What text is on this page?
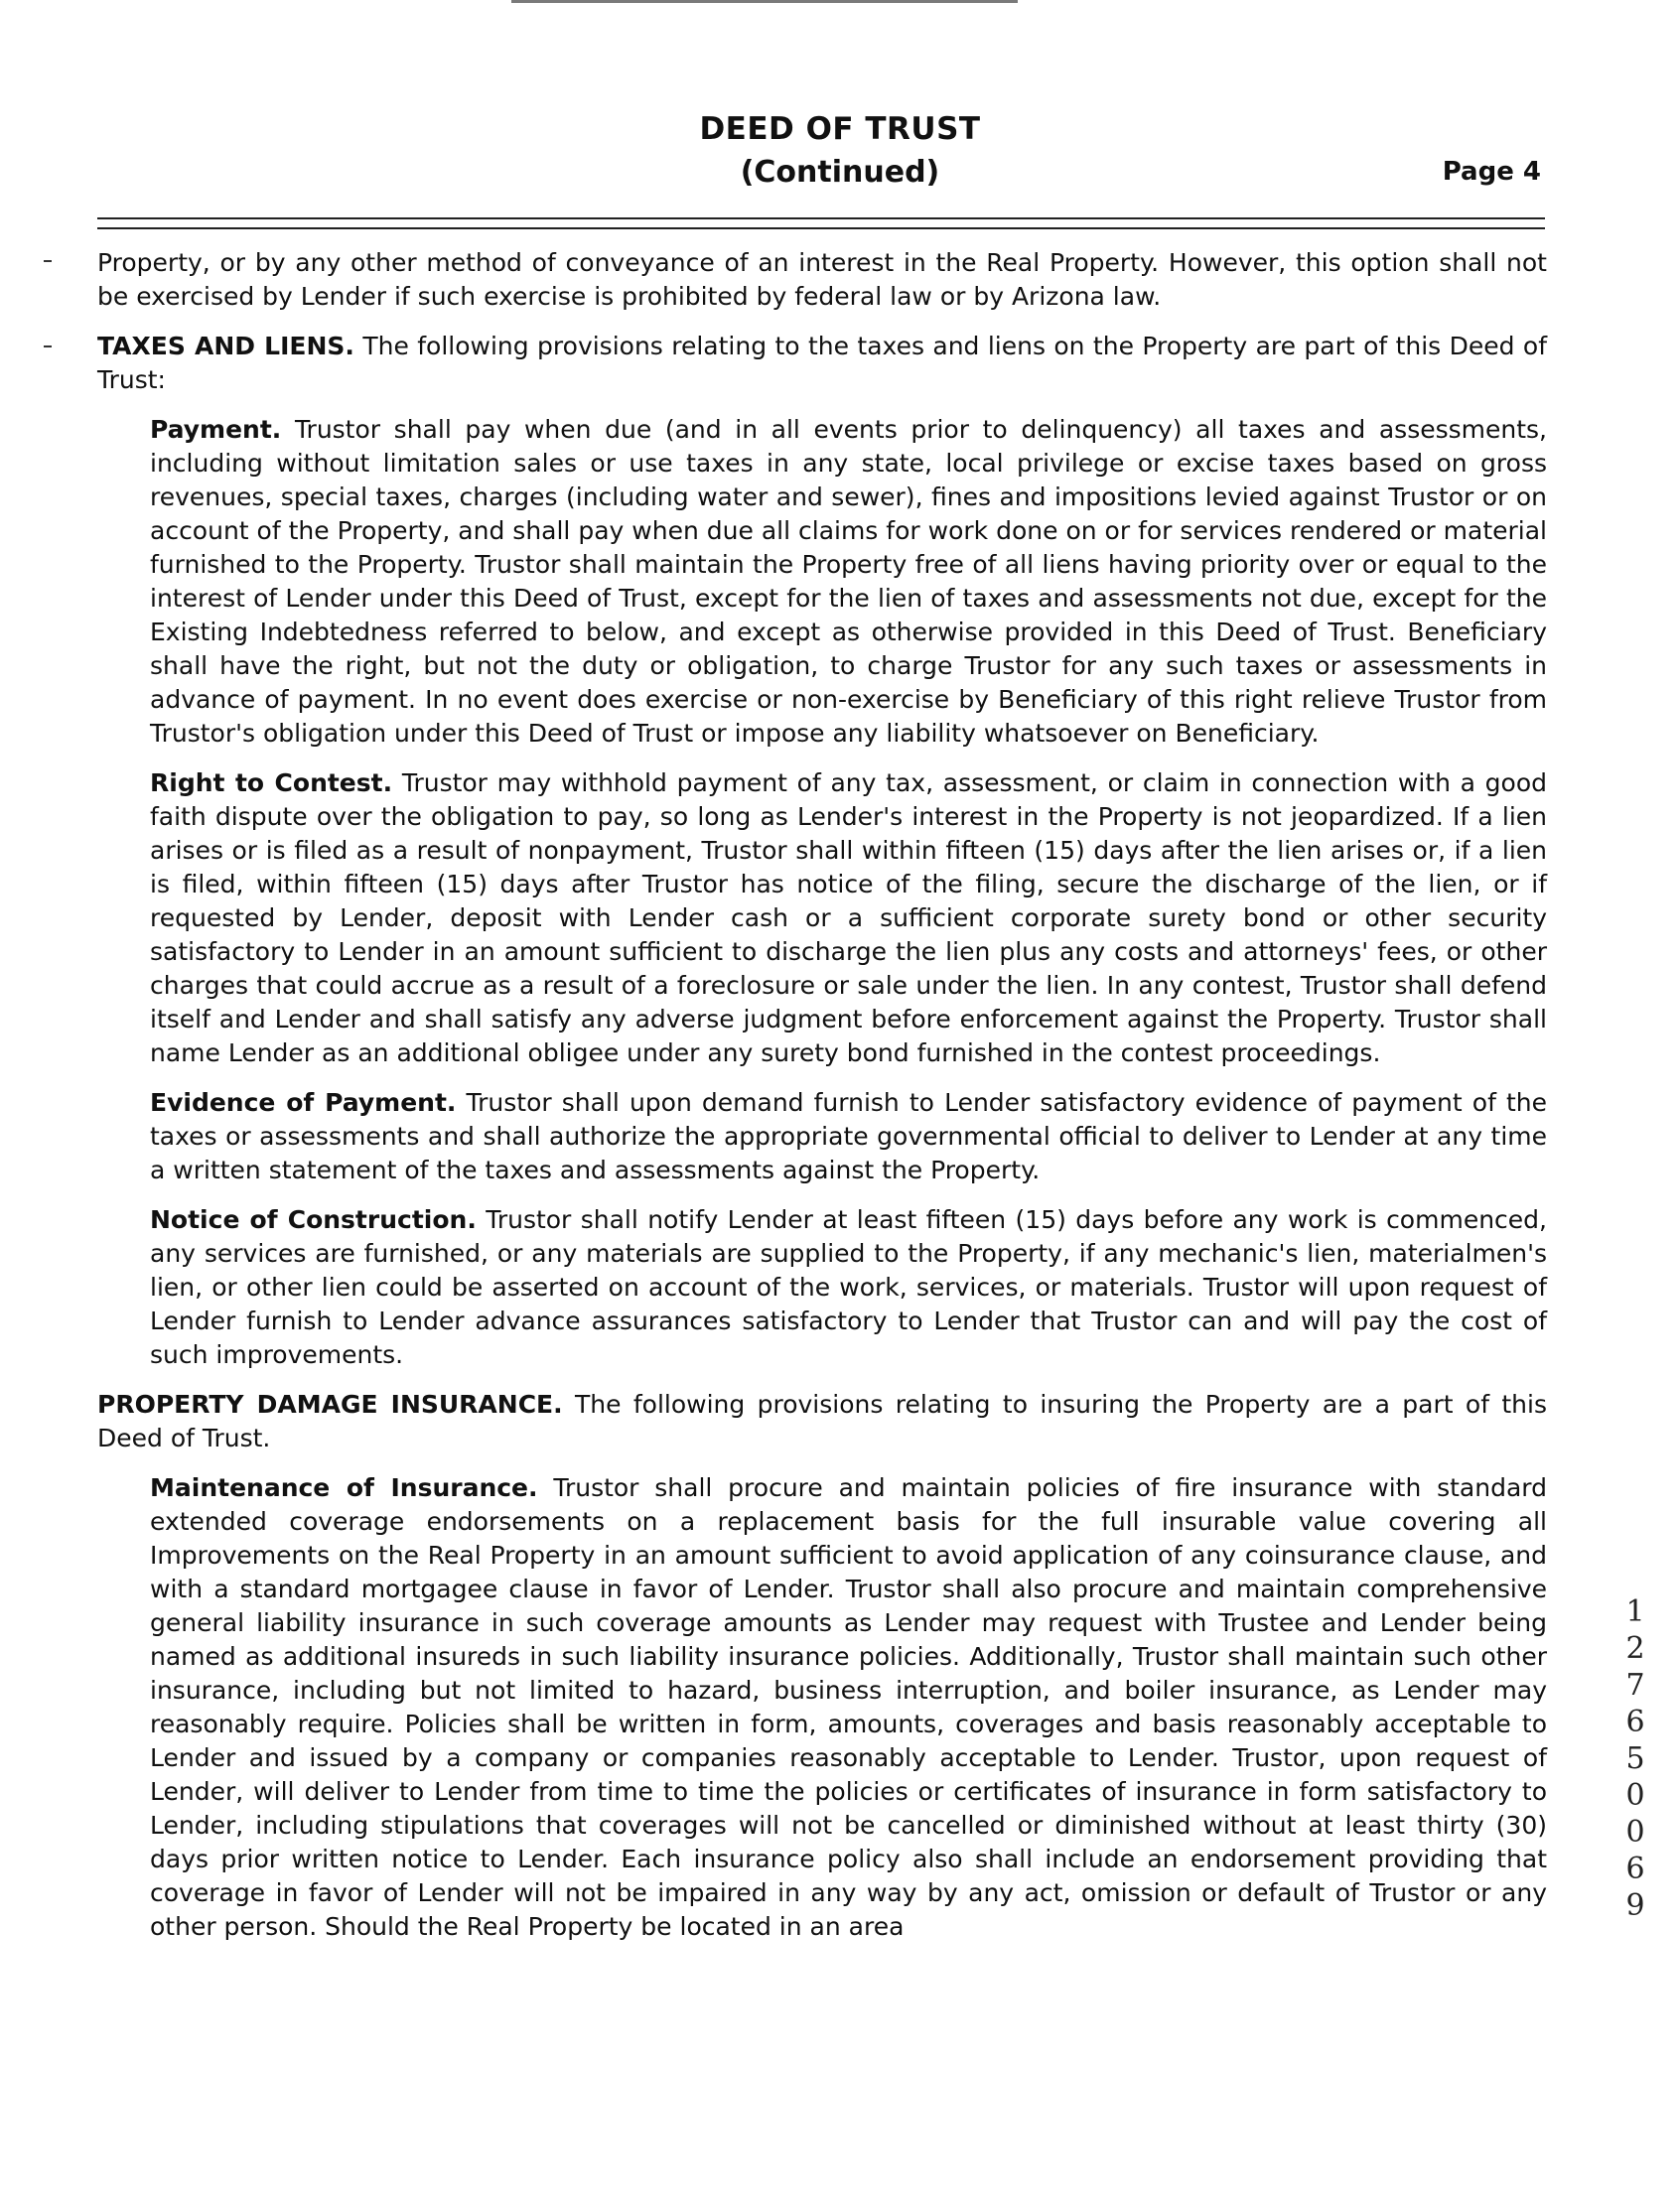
DEED OF TRUST
(Continued)	Page 4

Property, or by any other method of conveyance of an interest in the Real Property. However, this option shall not be exercised by Lender if such exercise is prohibited by federal law or by Arizona law.

TAXES AND LIENS. The following provisions relating to the taxes and liens on the Property are part of this Deed of Trust:

Payment. Trustor shall pay when due (and in all events prior to delinquency) all taxes and assessments, including without limitation sales or use taxes in any state, local privilege or excise taxes based on gross revenues, special taxes, charges (including water and sewer), fines and impositions levied against Trustor or on account of the Property, and shall pay when due all claims for work done on or for services rendered or material furnished to the Property. Trustor shall maintain the Property free of all liens having priority over or equal to the interest of Lender under this Deed of Trust, except for the lien of taxes and assessments not due, except for the Existing Indebtedness referred to below, and except as otherwise provided in this Deed of Trust. Beneficiary shall have the right, but not the duty or obligation, to charge Trustor for any such taxes or assessments in advance of payment. In no event does exercise or non-exercise by Beneficiary of this right relieve Trustor from Trustor's obligation under this Deed of Trust or impose any liability whatsoever on Beneficiary.

Right to Contest. Trustor may withhold payment of any tax, assessment, or claim in connection with a good faith dispute over the obligation to pay, so long as Lender's interest in the Property is not jeopardized. If a lien arises or is filed as a result of nonpayment, Trustor shall within fifteen (15) days after the lien arises or, if a lien is filed, within fifteen (15) days after Trustor has notice of the filing, secure the discharge of the lien, or if requested by Lender, deposit with Lender cash or a sufficient corporate surety bond or other security satisfactory to Lender in an amount sufficient to discharge the lien plus any costs and attorneys' fees, or other charges that could accrue as a result of a foreclosure or sale under the lien. In any contest, Trustor shall defend itself and Lender and shall satisfy any adverse judgment before enforcement against the Property. Trustor shall name Lender as an additional obligee under any surety bond furnished in the contest proceedings.

Evidence of Payment. Trustor shall upon demand furnish to Lender satisfactory evidence of payment of the taxes or assessments and shall authorize the appropriate governmental official to deliver to Lender at any time a written statement of the taxes and assessments against the Property.

Notice of Construction. Trustor shall notify Lender at least fifteen (15) days before any work is commenced, any services are furnished, or any materials are supplied to the Property, if any mechanic's lien, materialmen's lien, or other lien could be asserted on account of the work, services, or materials. Trustor will upon request of Lender furnish to Lender advance assurances satisfactory to Lender that Trustor can and will pay the cost of such improvements.

PROPERTY DAMAGE INSURANCE. The following provisions relating to insuring the Property are a part of this Deed of Trust.

Maintenance of Insurance. Trustor shall procure and maintain policies of fire insurance with standard extended coverage endorsements on a replacement basis for the full insurable value covering all Improvements on the Real Property in an amount sufficient to avoid application of any coinsurance clause, and with a standard mortgagee clause in favor of Lender. Trustor shall also procure and maintain comprehensive general liability insurance in such coverage amounts as Lender may request with Trustee and Lender being named as additional insureds in such liability insurance policies. Additionally, Trustor shall maintain such other insurance, including but not limited to hazard, business interruption, and boiler insurance, as Lender may reasonably require. Policies shall be written in form, amounts, coverages and basis reasonably acceptable to Lender and issued by a company or companies reasonably acceptable to Lender. Trustor, upon request of Lender, will deliver to Lender from time to time the policies or certificates of insurance in form satisfactory to Lender, including stipulations that coverages will not be cancelled or diminished without at least thirty (30) days prior written notice to Lender. Each insurance policy also shall include an endorsement providing that coverage in favor of Lender will not be impaired in any way by any act, omission or default of Trustor or any other person. Should the Real Property be located in an area

127650069
